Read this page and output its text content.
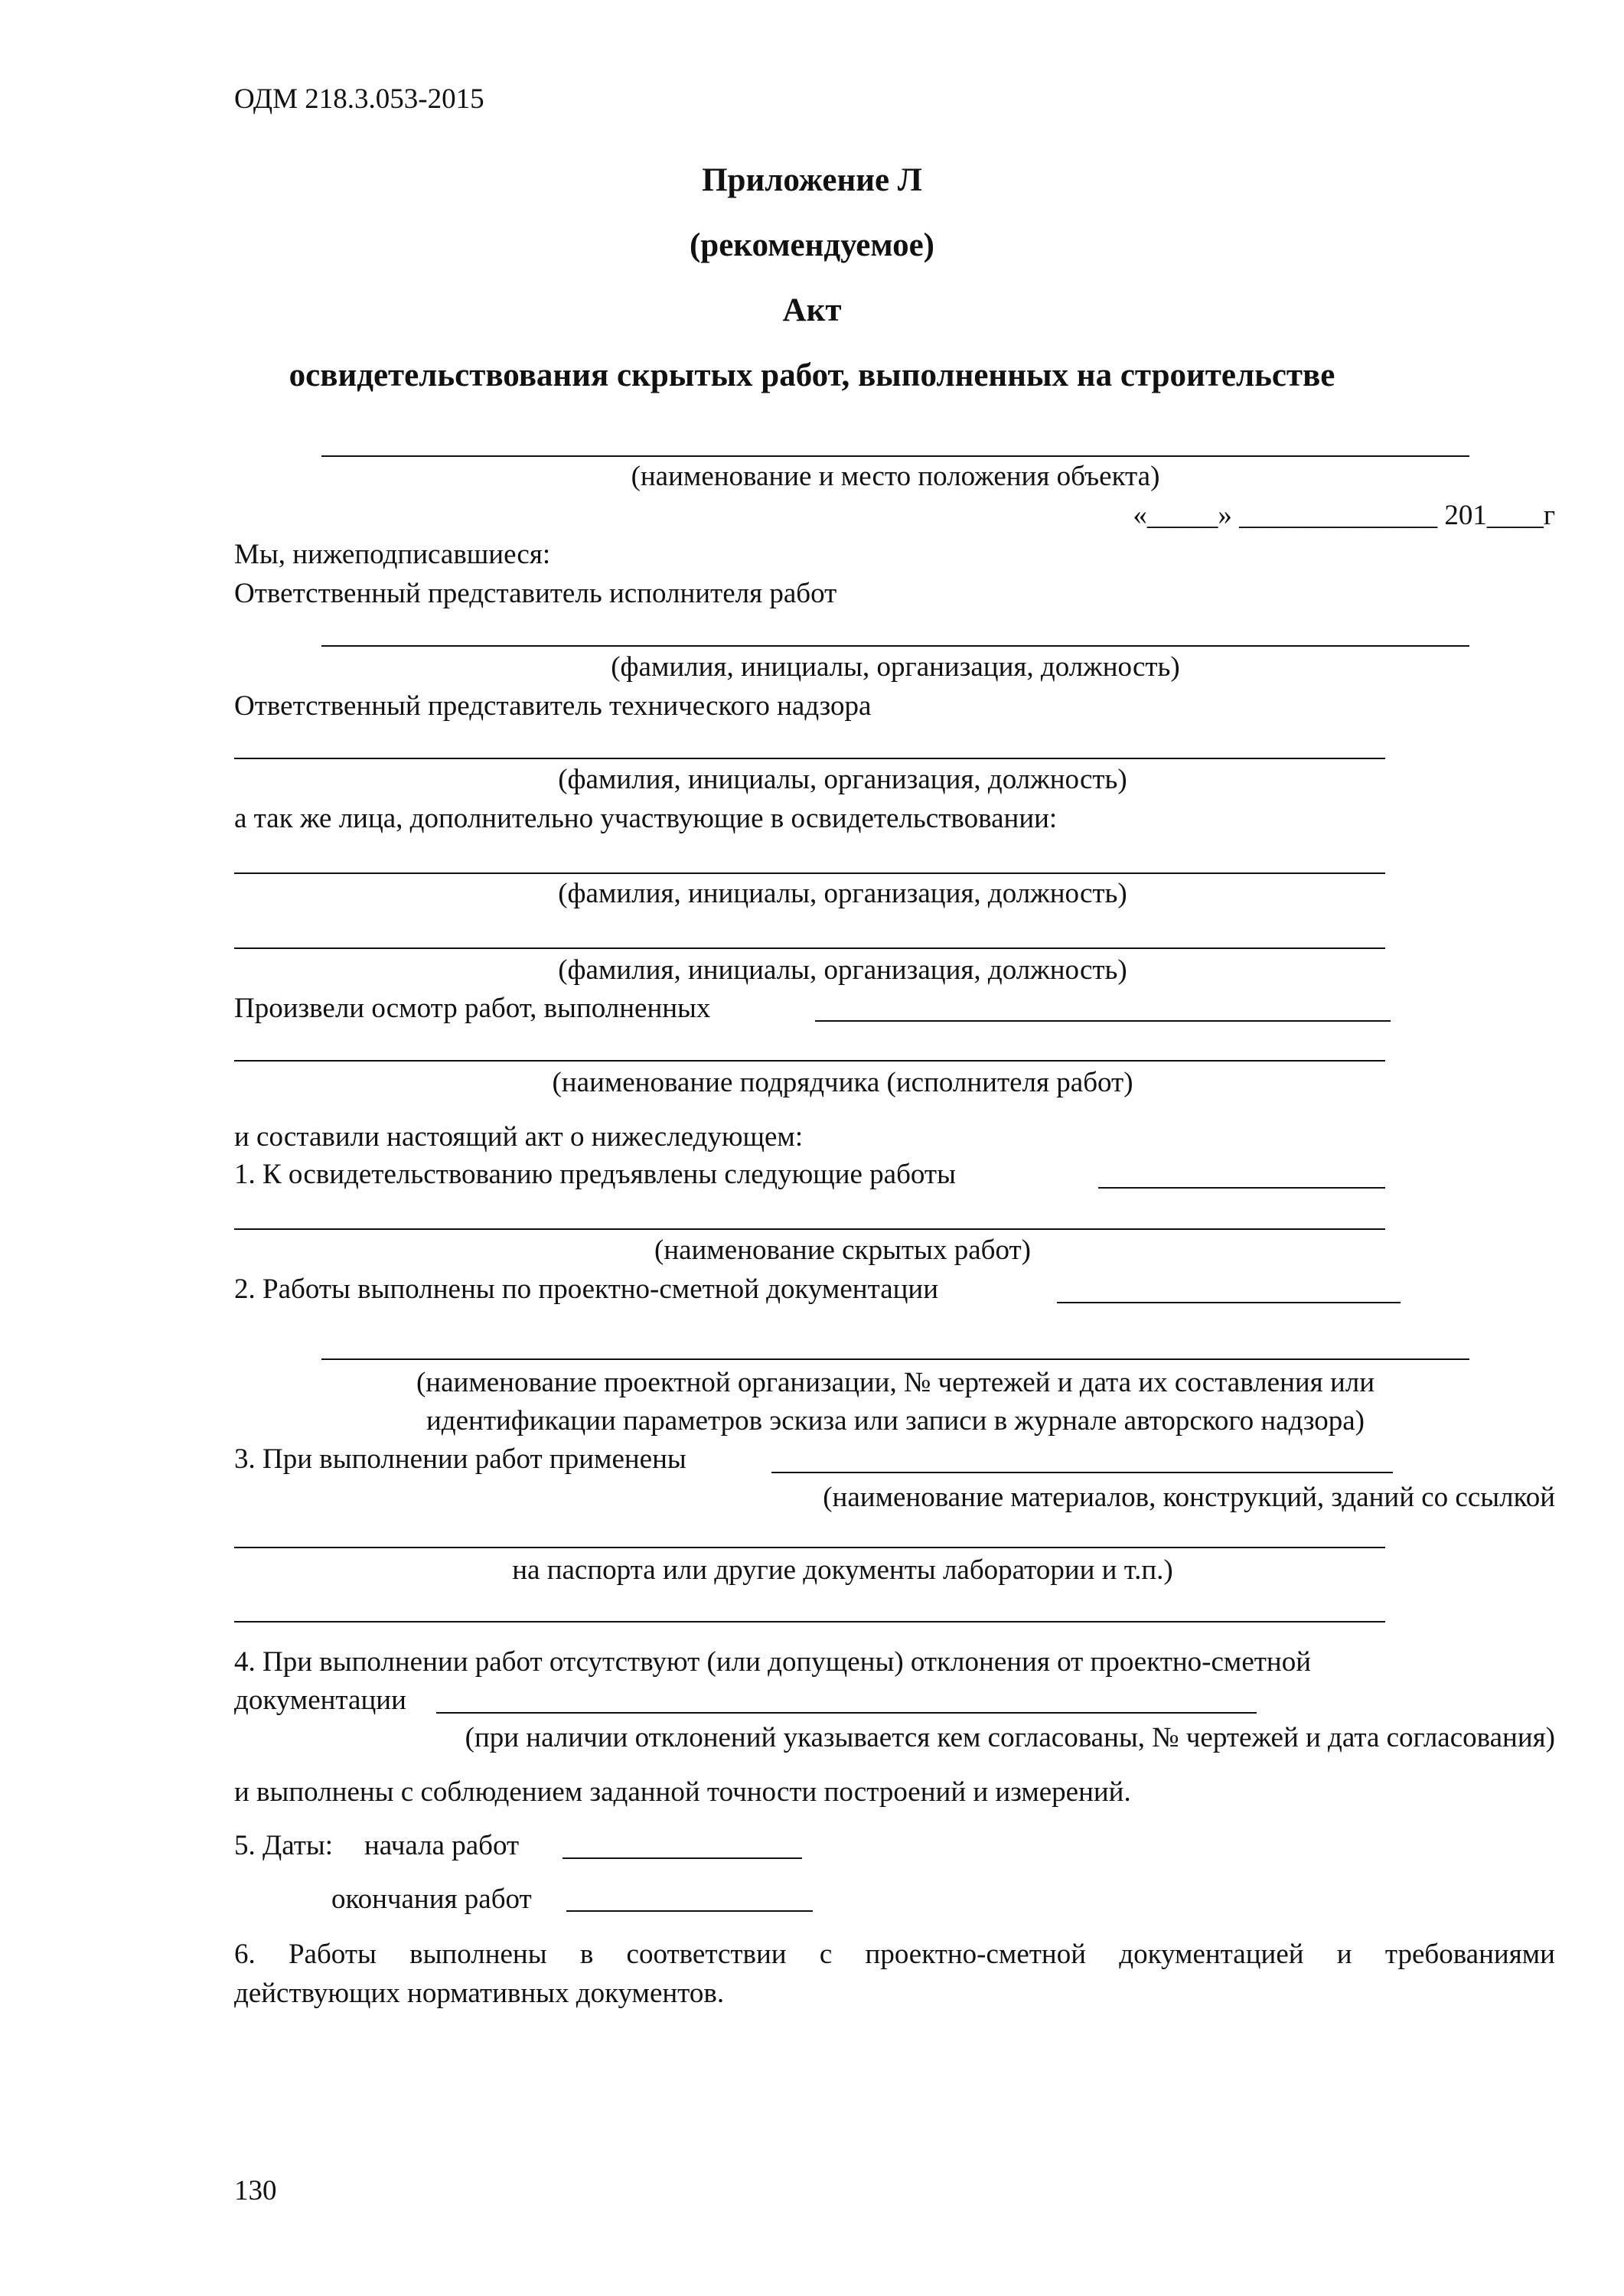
ОДМ 218.3.053-2015
Приложение Л
(рекомендуемое)
Акт
освидетельствования скрытых работ, выполненных на строительстве
(наименование и место положения объекта)
«_____» ______________ 201____г
Мы, нижеподписавшиеся:
Ответственный представитель исполнителя работ
(фамилия, инициалы, организация, должность)
Ответственный представитель технического надзора
(фамилия, инициалы, организация, должность)
а так же лица, дополнительно участвующие в освидетельствовании:
(фамилия, инициалы, организация, должность)
(фамилия, инициалы, организация, должность)
Произвели осмотр работ, выполненных
(наименование подрядчика (исполнителя работ)
и составили настоящий акт о нижеследующем:
1. К освидетельствованию предъявлены следующие работы
(наименование скрытых работ)
2. Работы выполнены по проектно-сметной документации
(наименование проектной организации, № чертежей и дата их составления или
идентификации параметров эскиза или записи в журнале авторского надзора)
3. При выполнении работ применены
(наименование материалов, конструкций, зданий со ссылкой
на паспорта или другие документы лаборатории и т.п.)
4. При выполнении работ отсутствуют (или допущены) отклонения от проектно-сметной
документации
(при наличии отклонений указывается кем согласованы, № чертежей и дата согласования)
и выполнены с соблюдением заданной точности построений и измерений.
5. Даты: начала работ
окончания работ
6. Работы выполнены в соответствии с проектно-сметной документацией и требованиями
действующих нормативных документов.
130
